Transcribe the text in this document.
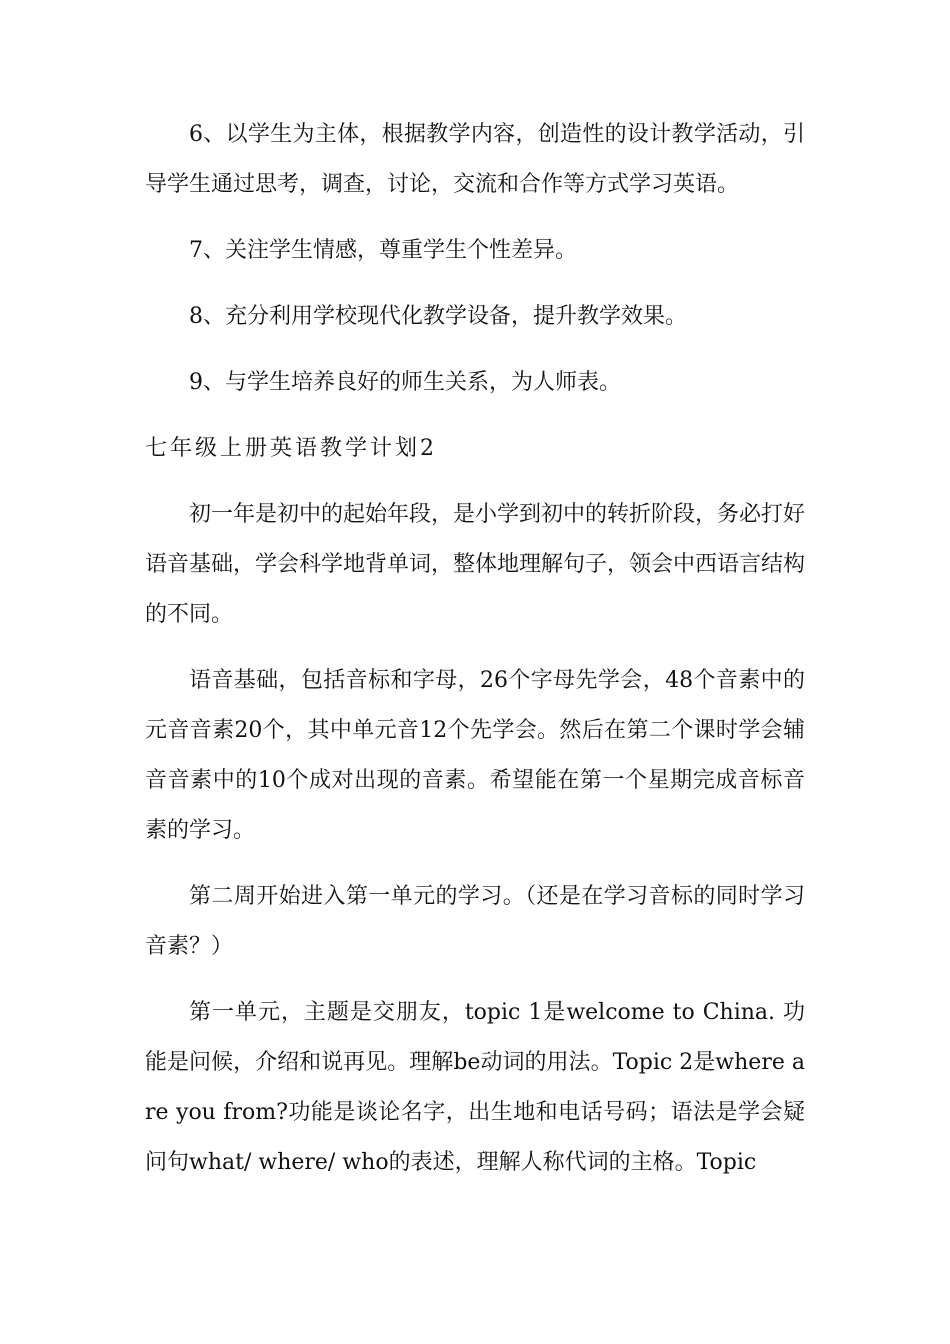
6、以学生为主体，根据教学内容，创造性的设计教学活动，引导学生通过思考，调查，讨论，交流和合作等方式学习英语。

7、关注学生情感，尊重学生个性差异。

8、充分利用学校现代化教学设备，提升教学效果。

9、与学生培养良好的师生关系，为人师表。

七年级上册英语教学计划2

初一年是初中的起始年段，是小学到初中的转折阶段，务必打好语音基础，学会科学地背单词，整体地理解句子，领会中西语言结构的不同。

语音基础，包括音标和字母，26个字母先学会，48个音素中的元音音素20个，其中单元音12个先学会。然后在第二个课时学会辅音音素中的10个成对出现的音素。希望能在第一个星期完成音标音素的学习。

第二周开始进入第一单元的学习。（还是在学习音标的同时学习音素？）

第一单元，主题是交朋友，topic 1是welcome to China. 功能是问候，介绍和说再见。理解be动词的用法。Topic 2是where are you from?功能是谈论名字，出生地和电话号码；语法是学会疑问句what/ where/ who的表述，理解人称代词的主格。Topic
